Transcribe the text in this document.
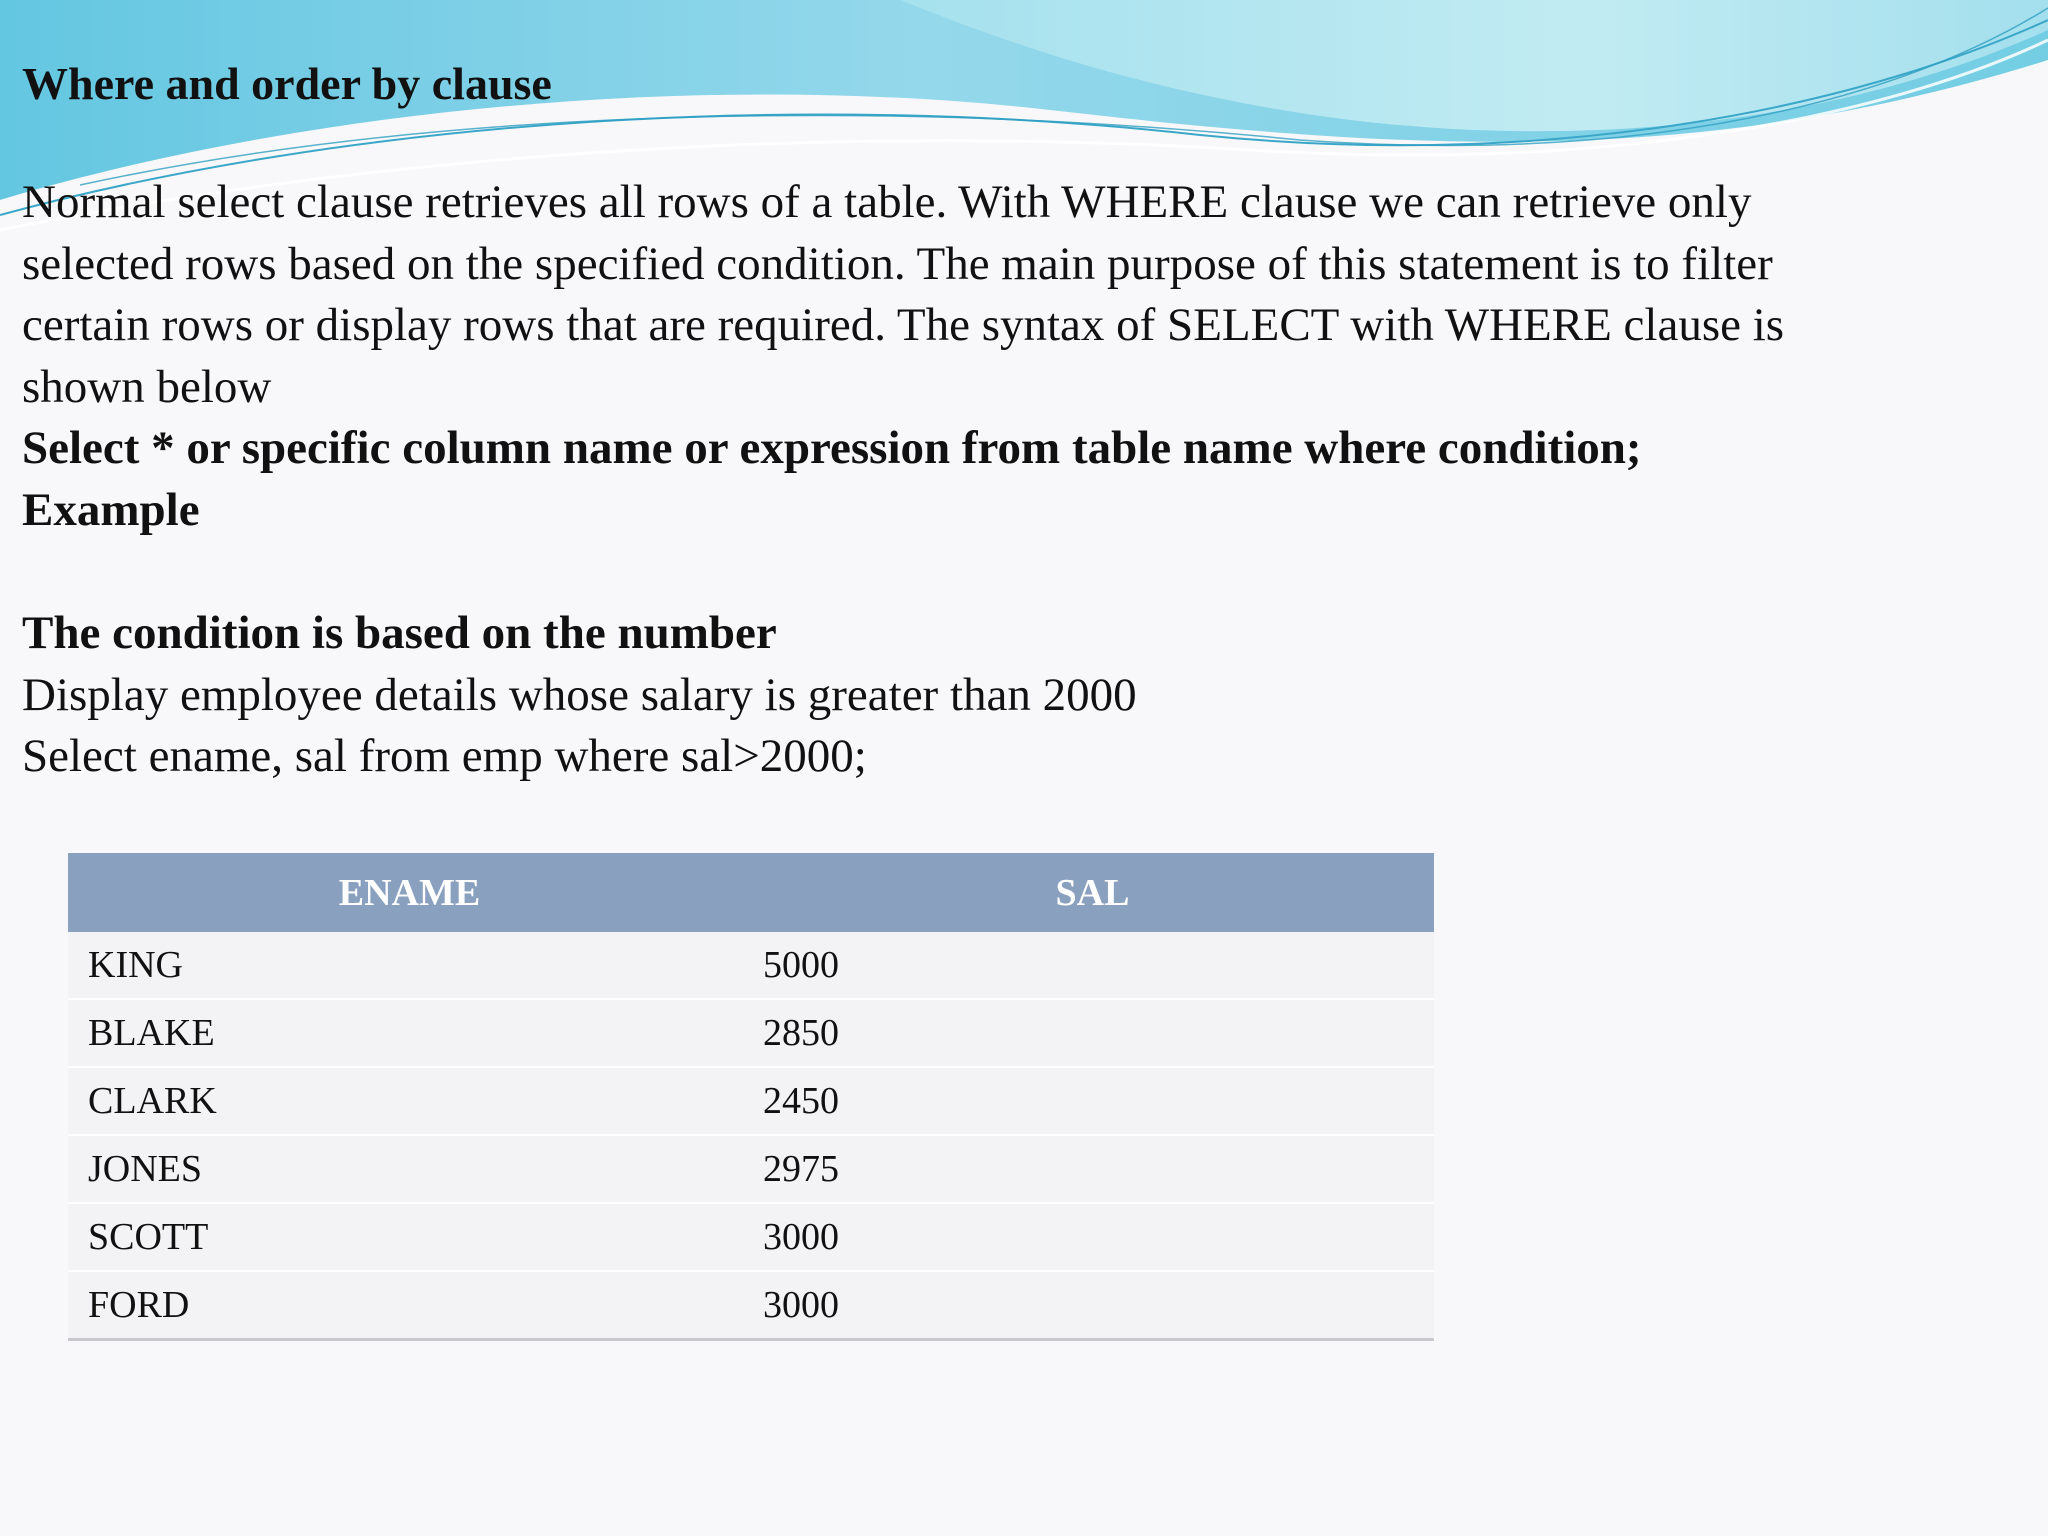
Where and order by clause

Normal select clause retrieves all rows of a table. With WHERE clause we can retrieve only

selected rows based on the specified condition. The main purpose of this statement is to filter

certain rows or display rows that are required. The syntax of SELECT with WHERE clause is

shown below

Select * or specific column name or expression from table name where condition;

Example

The condition is based on the number

Display employee details whose salary is greater than 2000

Select ename, sal from emp where sal>2000;

ENAME	SAL
KING	5000
BLAKE	2850
CLARK	2450
JONES	2975
SCOTT	3000
FORD	3000
